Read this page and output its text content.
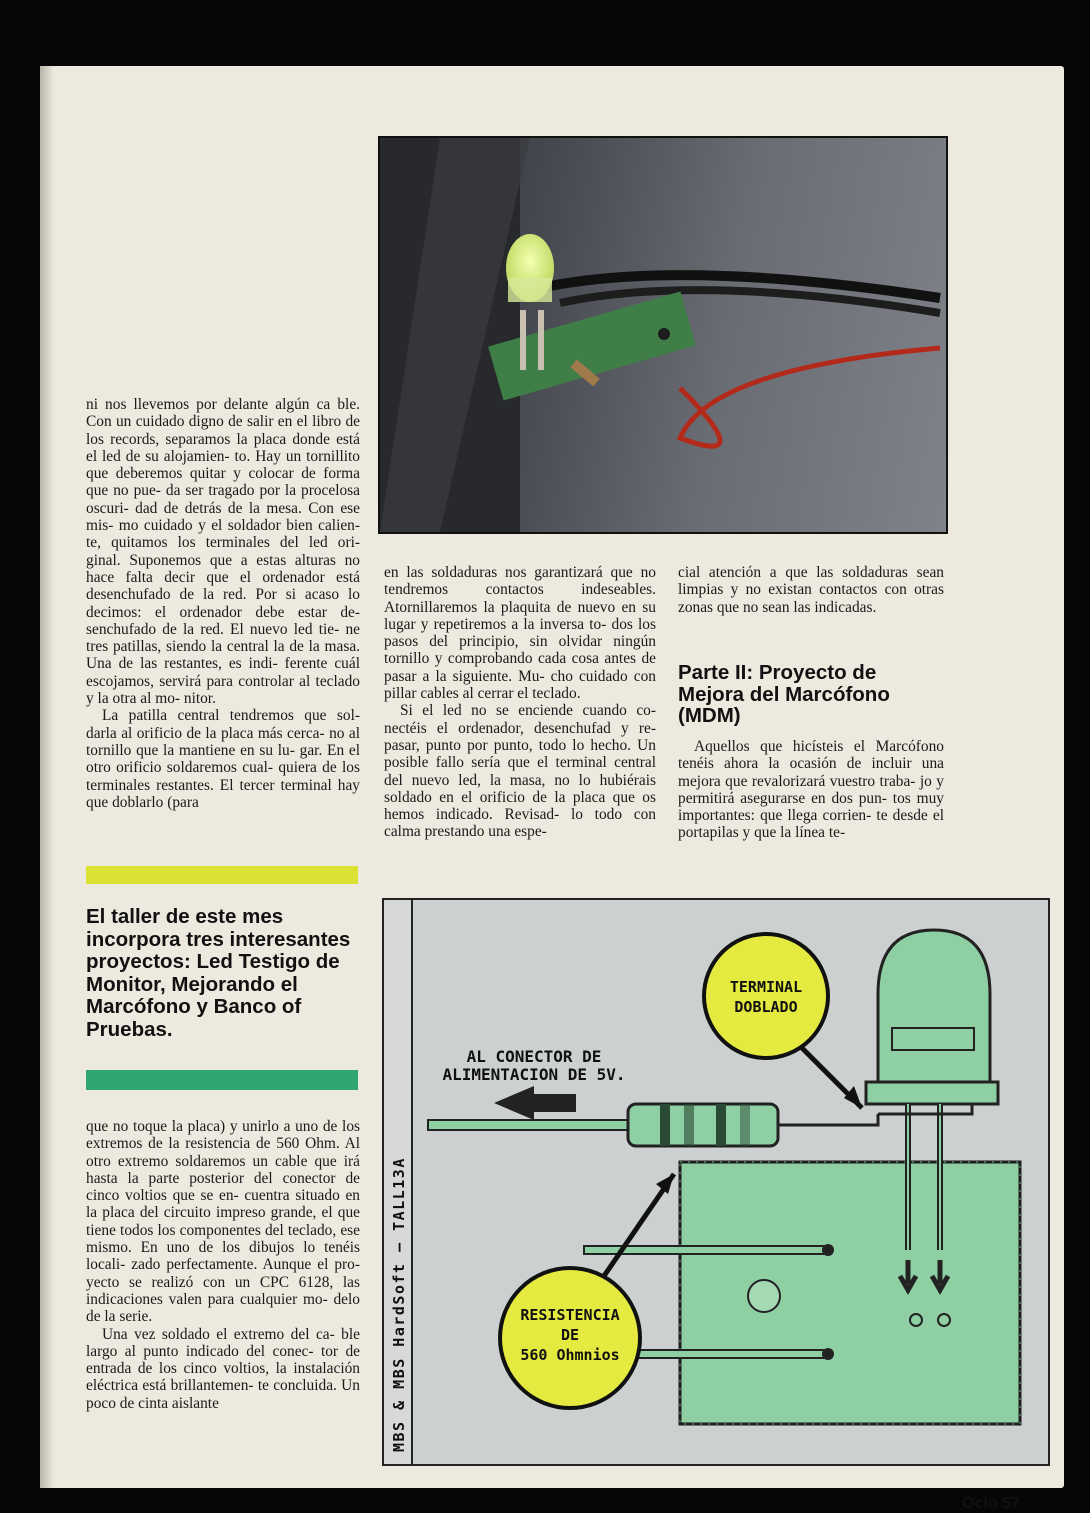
ni nos llevemos por delante algún ca ble. Con un cuidado digno de salir en el libro de los records, separamos la placa donde está el led de su alojamien- to. Hay un tornillito que deberemos quitar y colocar de forma que no pue- da ser tragado por la procelosa oscuri- dad de detrás de la mesa. Con ese mis- mo cuidado y el soldador bien calien- te, quitamos los terminales del led ori- ginal. Suponemos que a estas alturas no hace falta decir que el ordenador está desenchufado de la red. Por si acaso lo decimos: el ordenador debe estar de- senchufado de la red. El nuevo led tie- ne tres patillas, siendo la central la de la masa. Una de las restantes, es indi- ferente cuál escojamos, servirá para controlar al teclado y la otra al mo- nitor.

La patilla central tendremos que sol- darla al orificio de la placa más cerca- no al tornillo que la mantiene en su lu- gar. En el otro orificio soldaremos cual- quiera de los terminales restantes. El tercer terminal hay que doblarlo (para

El taller de este mes incorpora tres interesantes proyectos: Led Testigo de Monitor, Mejorando el Marcófono y Banco of Pruebas.

que no toque la placa) y unirlo a uno de los extremos de la resistencia de 560 Ohm. Al otro extremo soldaremos un cable que irá hasta la parte posterior del conector de cinco voltios que se en- cuentra situado en la placa del circuito impreso grande, el que tiene todos los componentes del teclado, ese mismo. En uno de los dibujos lo tenéis locali- zado perfectamente. Aunque el pro- yecto se realizó con un CPC 6128, las indicaciones valen para cualquier mo- delo de la serie.

Una vez soldado el extremo del ca- ble largo al punto indicado del conec- tor de entrada de los cinco voltios, la instalación eléctrica está brillantemen- te concluida. Un poco de cinta aislante

en las soldaduras nos garantizará que no tendremos contactos indeseables. Atornillaremos la plaquita de nuevo en su lugar y repetiremos a la inversa to- dos los pasos del principio, sin olvidar ningún tornillo y comprobando cada cosa antes de pasar a la siguiente. Mu- cho cuidado con pillar cables al cerrar el teclado.

Si el led no se enciende cuando co- nectéis el ordenador, desenchufad y re- pasar, punto por punto, todo lo hecho. Un posible fallo sería que el terminal central del nuevo led, la masa, no lo hubiérais soldado en el orificio de la placa que os hemos indicado. Revisad- lo todo con calma prestando una espe-

cial atención a que las soldaduras sean limpias y no existan contactos con otras zonas que no sean las indicadas.

Parte II: Proyecto de Mejora del Marcófono (MDM)

Aquellos que hicísteis el Marcófono tenéis ahora la ocasión de incluir una mejora que revalorizará vuestro traba- jo y permitirá asegurarse en dos pun- tos muy importantes: que llega corrien- te desde el portapilas y que la línea te-

MBS & MBS HardSoft — TALL13A
AL CONECTOR DE
ALIMENTACION DE 5V.
TERMINAL
DOBLADO
RESISTENCIA
DE
560 Ohmnios
Ocio 57
